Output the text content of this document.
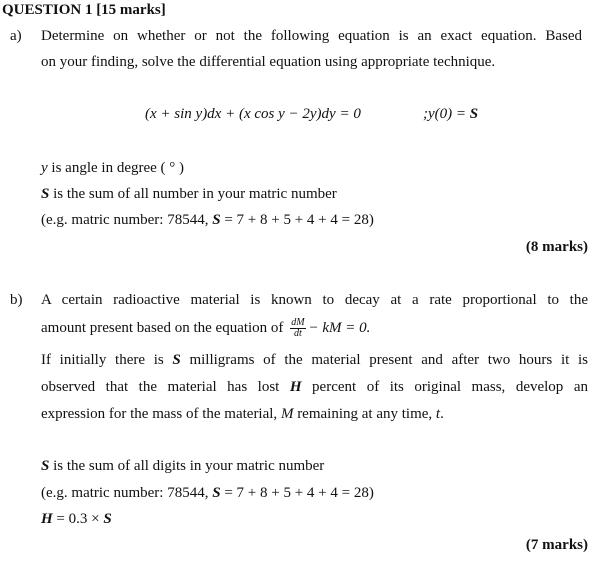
QUESTION 1 [15 marks]
a) Determine on whether or not the following equation is an exact equation. Based
on your finding, solve the differential equation using appropriate technique.
(x + sin y)dx + (x cos y − 2y)dy = 0	;y(0) = S
y is angle in degree ( ° )
S is the sum of all number in your matric number
(e.g. matric number: 78544, S = 7 + 8 + 5 + 4 + 4 = 28)
(8 marks)
b) A certain radioactive material is known to decay at a rate proportional to the
amount present based on the equation of $\frac{dM}{dt}$ − kM = 0.
If initially there is S milligrams of the material present and after two hours it is
observed that the material has lost H percent of its original mass, develop an
expression for the mass of the material, M remaining at any time, t.
S is the sum of all digits in your matric number
(e.g. matric number: 78544, S = 7 + 8 + 5 + 4 + 4 = 28)
H = 0.3 × S
(7 marks)
